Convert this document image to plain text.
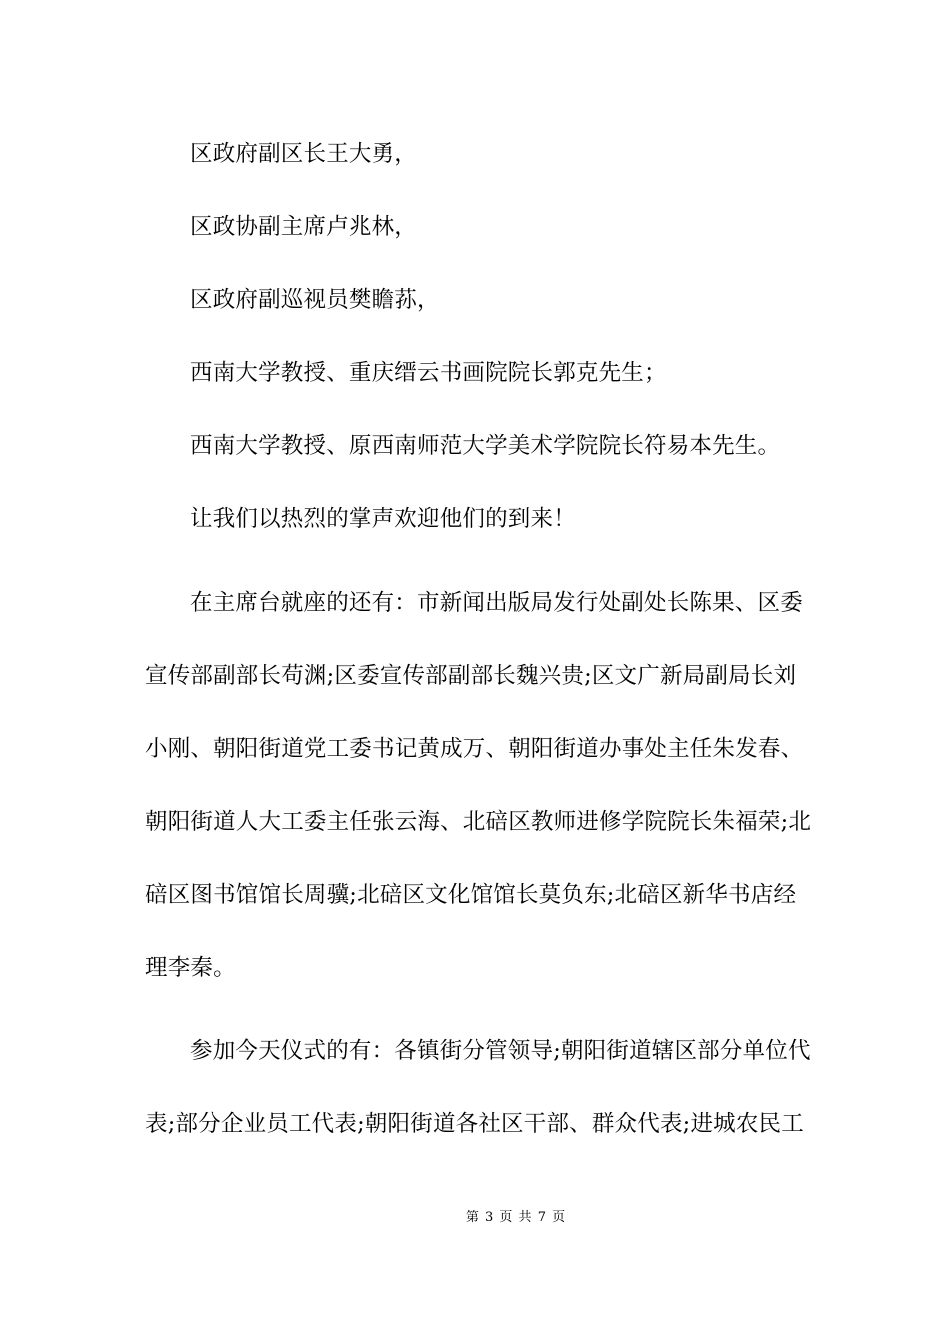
区政府副区长王大勇，

区政协副主席卢兆林，

区政府副巡视员樊瞻荪，

西南大学教授、重庆缙云书画院院长郭克先生；

西南大学教授、原西南师范大学美术学院院长符易本先生。

让我们以热烈的掌声欢迎他们的到来！

在主席台就座的还有：市新闻出版局发行处副处长陈果、区委
宣传部副部长苟渊;区委宣传部副部长魏兴贵;区文广新局副局长刘
小刚、朝阳街道党工委书记黄成万、朝阳街道办事处主任朱发春、
朝阳街道人大工委主任张云海、北碚区教师进修学院院长朱福荣;北
碚区图书馆馆长周骥;北碚区文化馆馆长莫负东;北碚区新华书店经
理李秦。

参加今天仪式的有：各镇街分管领导;朝阳街道辖区部分单位代
表;部分企业员工代表;朝阳街道各社区干部、群众代表;进城农民工

第 3 页 共 7 页
